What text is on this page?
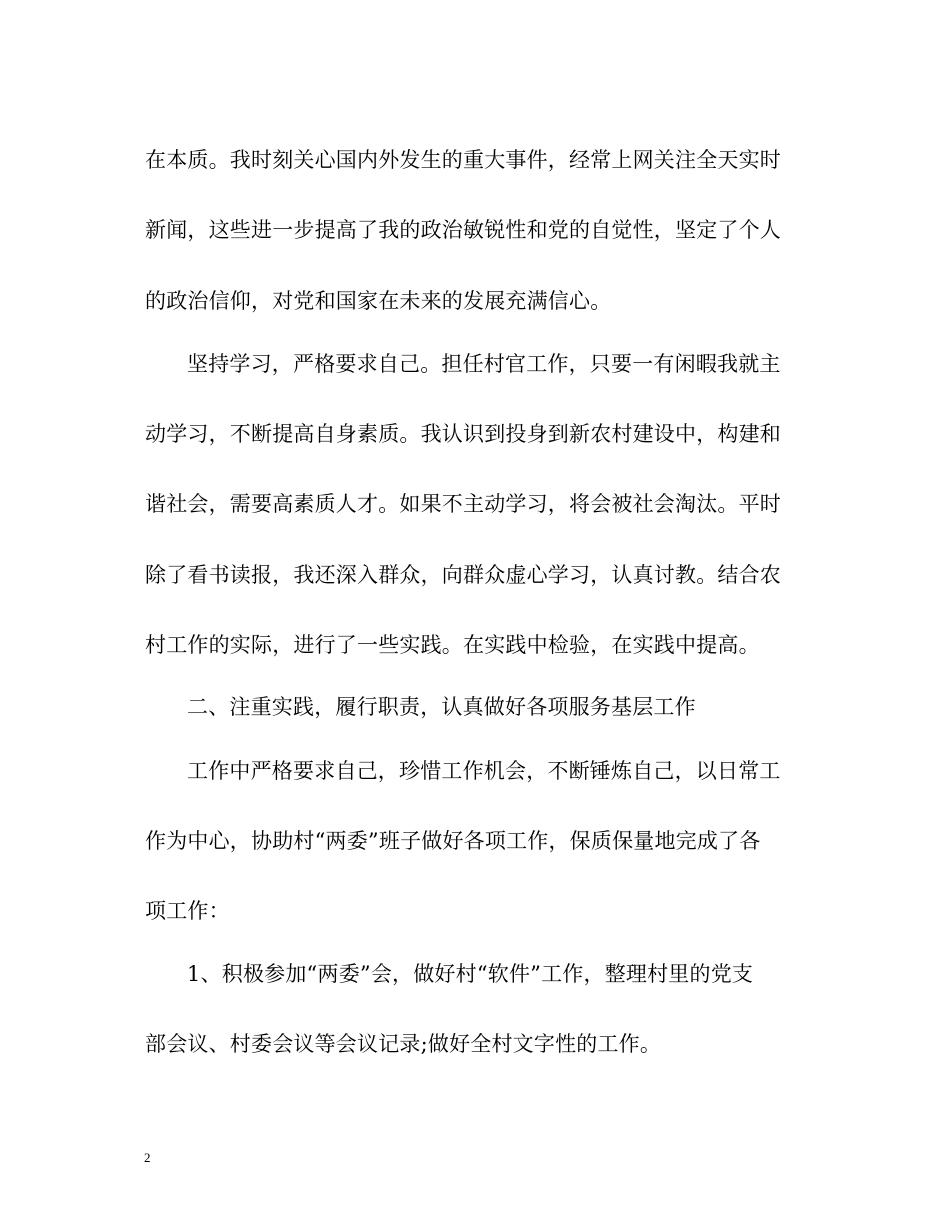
在本质。我时刻关心国内外发生的重大事件，经常上网关注全天实时
新闻，这些进一步提高了我的政治敏锐性和党的自觉性，坚定了个人
的政治信仰，对党和国家在未来的发展充满信心。
坚持学习，严格要求自己。担任村官工作，只要一有闲暇我就主
动学习，不断提高自身素质。我认识到投身到新农村建设中，构建和
谐社会，需要高素质人才。如果不主动学习，将会被社会淘汰。平时
除了看书读报，我还深入群众，向群众虚心学习，认真讨教。结合农
村工作的实际，进行了一些实践。在实践中检验，在实践中提高。
二、注重实践，履行职责，认真做好各项服务基层工作
工作中严格要求自己，珍惜工作机会，不断锤炼自己，以日常工
作为中心，协助村“两委”班子做好各项工作，保质保量地完成了各
项工作：
1、积极参加“两委”会，做好村“软件”工作，整理村里的党支
部会议、村委会议等会议记录;做好全村文字性的工作。
2
